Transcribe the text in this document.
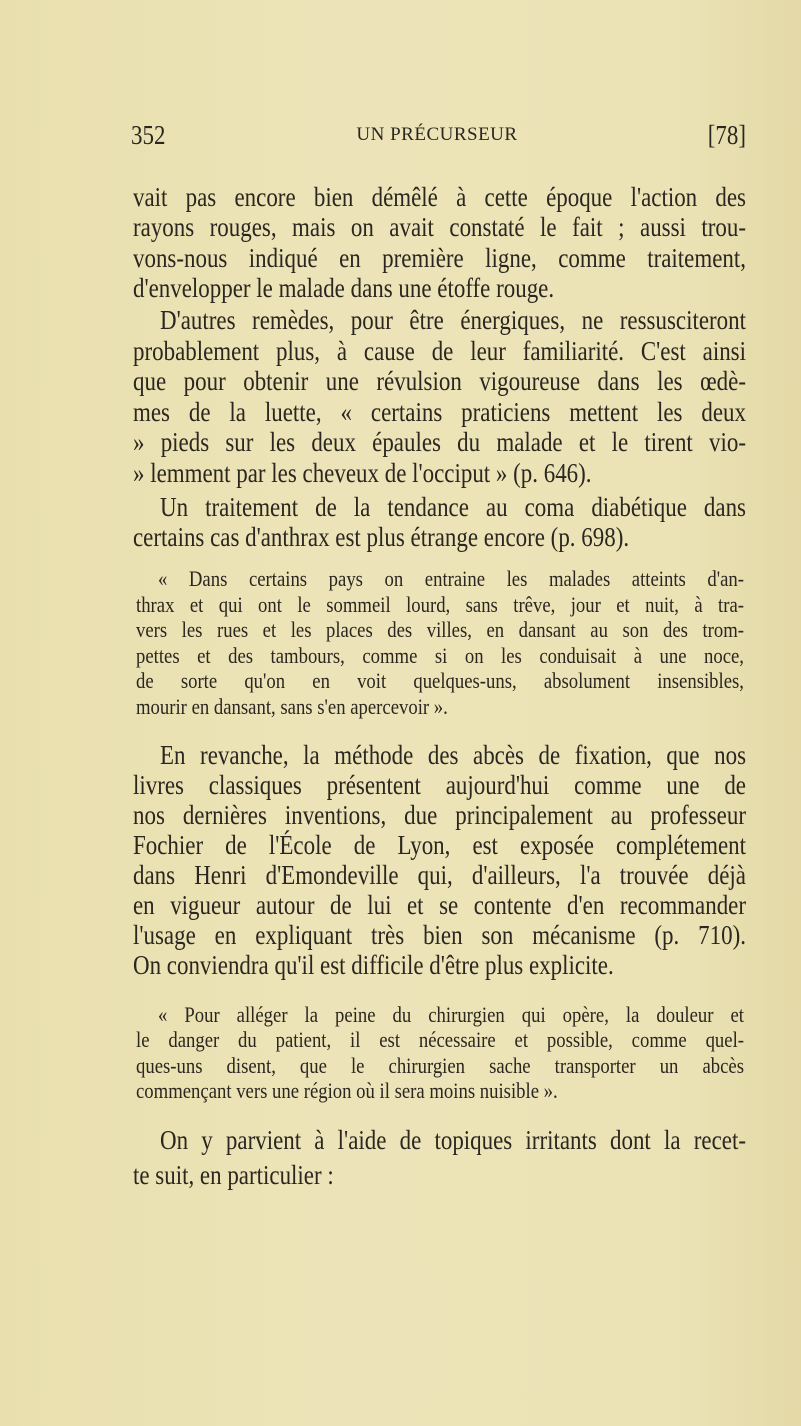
352	UN PRÉCURSEUR	[78]
vait pas encore bien démêlé à cette époque l'action des
rayons rouges, mais on avait constaté le fait ; aussi trou-
vons-nous indiqué en première ligne, comme traitement,
d'envelopper le malade dans une étoffe rouge.
D'autres remèdes, pour être énergiques, ne ressusciteront
probablement plus, à cause de leur familiarité. C'est ainsi
que pour obtenir une révulsion vigoureuse dans les œdè-
mes de la luette, « certains praticiens mettent les deux
» pieds sur les deux épaules du malade et le tirent vio-
» lemment par les cheveux de l'occiput » (p. 646).
Un traitement de la tendance au coma diabétique dans
certains cas d'anthrax est plus étrange encore (p. 698).
« Dans certains pays on entraine les malades atteints d'an-
thrax et qui ont le sommeil lourd, sans trêve, jour et nuit, à tra-
vers les rues et les places des villes, en dansant au son des trom-
pettes et des tambours, comme si on les conduisait à une noce,
de sorte qu'on en voit quelques-uns, absolument insensibles,
mourir en dansant, sans s'en apercevoir ».
En revanche, la méthode des abcès de fixation, que nos
livres classiques présentent aujourd'hui comme une de
nos dernières inventions, due principalement au professeur
Fochier de l'École de Lyon, est exposée complétement
dans Henri d'Emondeville qui, d'ailleurs, l'a trouvée déjà
en vigueur autour de lui et se contente d'en recommander
l'usage en expliquant très bien son mécanisme (p. 710).
On conviendra qu'il est difficile d'être plus explicite.
« Pour alléger la peine du chirurgien qui opère, la douleur et
le danger du patient, il est nécessaire et possible, comme quel-
ques-uns disent, que le chirurgien sache transporter un abcès
commençant vers une région où il sera moins nuisible ».
On y parvient à l'aide de topiques irritants dont la recet-
te suit, en particulier :
